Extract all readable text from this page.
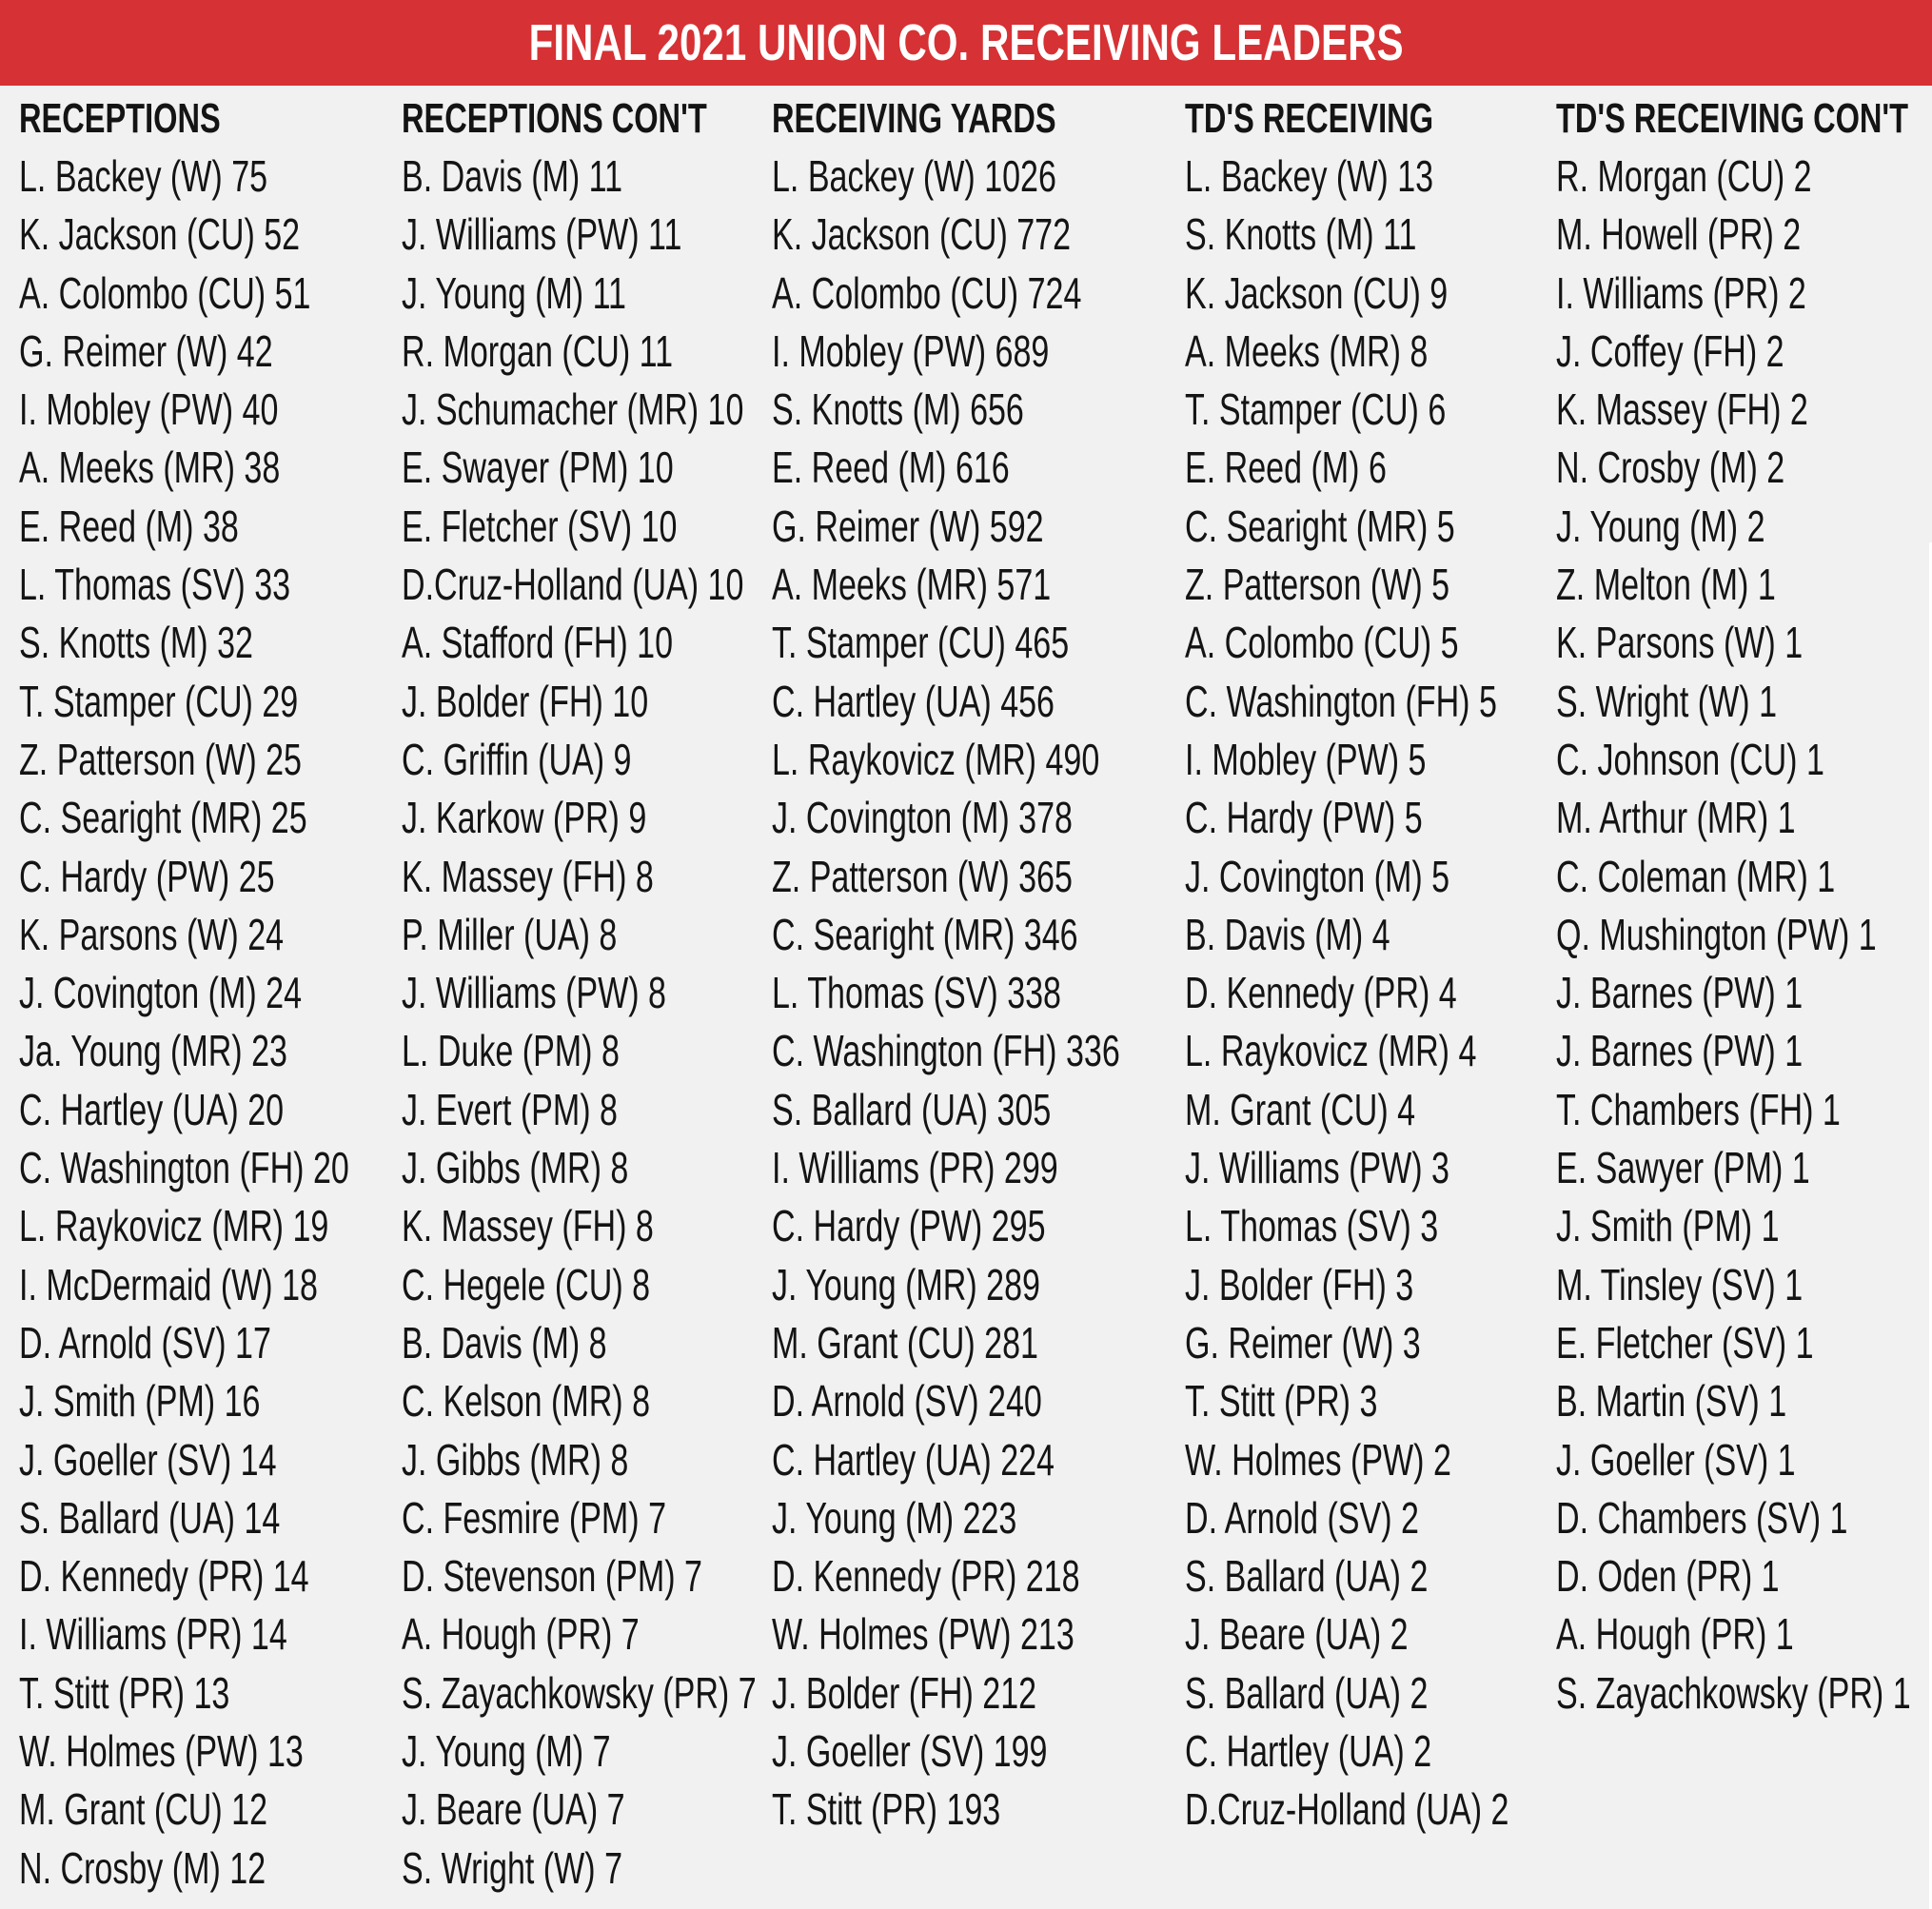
FINAL 2021 UNION CO. RECEIVING LEADERS
RECEPTIONS
L. Backey (W) 75
K. Jackson (CU) 52
A. Colombo (CU) 51
G. Reimer (W) 42
I. Mobley (PW) 40
A. Meeks (MR) 38
E. Reed (M) 38
L. Thomas (SV) 33
S. Knotts (M) 32
T. Stamper (CU) 29
Z. Patterson (W) 25
C. Searight (MR) 25
C. Hardy (PW) 25
K. Parsons (W) 24
J. Covington (M) 24
Ja. Young (MR) 23
C. Hartley (UA) 20
C. Washington (FH) 20
L. Raykovicz (MR) 19
I. McDermaid (W) 18
D. Arnold (SV) 17
J. Smith (PM) 16
J. Goeller (SV) 14
S. Ballard (UA) 14
D. Kennedy (PR) 14
I. Williams (PR) 14
T. Stitt (PR) 13
W. Holmes (PW) 13
M. Grant (CU) 12
N. Crosby (M) 12
RECEPTIONS CON'T
B. Davis (M) 11
J. Williams (PW) 11
J. Young (M) 11
R. Morgan (CU) 11
J. Schumacher (MR) 10
E. Swayer (PM) 10
E. Fletcher (SV) 10
D.Cruz-Holland (UA) 10
A. Stafford (FH) 10
J. Bolder (FH) 10
C. Griffin (UA) 9
J. Karkow (PR) 9
K. Massey (FH) 8
P. Miller (UA) 8
J. Williams (PW) 8
L. Duke (PM) 8
J. Evert (PM) 8
J. Gibbs (MR) 8
K. Massey (FH) 8
C. Hegele (CU) 8
B. Davis (M) 8
C. Kelson (MR) 8
J. Gibbs (MR) 8
C. Fesmire (PM) 7
D. Stevenson (PM) 7
A. Hough (PR) 7
S. Zayachkowsky (PR) 7
J. Young (M) 7
J. Beare (UA) 7
S. Wright (W) 7
RECEIVING YARDS
L. Backey (W) 1026
K. Jackson (CU) 772
A. Colombo (CU) 724
I. Mobley (PW) 689
S. Knotts (M) 656
E. Reed (M) 616
G. Reimer (W) 592
A. Meeks (MR) 571
T. Stamper (CU) 465
C. Hartley (UA) 456
L. Raykovicz (MR) 490
J. Covington (M) 378
Z. Patterson (W) 365
C. Searight (MR) 346
L. Thomas (SV) 338
C. Washington (FH) 336
S. Ballard (UA) 305
I. Williams (PR) 299
C. Hardy (PW) 295
J. Young (MR) 289
M. Grant (CU) 281
D. Arnold (SV) 240
C. Hartley (UA) 224
J. Young (M) 223
D. Kennedy (PR) 218
W. Holmes (PW) 213
J. Bolder (FH) 212
J. Goeller (SV) 199
T. Stitt (PR) 193
TD'S RECEIVING
L. Backey (W) 13
S. Knotts (M) 11
K. Jackson (CU) 9
A. Meeks (MR) 8
T. Stamper (CU) 6
E. Reed (M) 6
C. Searight (MR) 5
Z. Patterson (W) 5
A. Colombo (CU) 5
C. Washington (FH) 5
I. Mobley (PW) 5
C. Hardy (PW) 5
J. Covington (M) 5
B. Davis (M) 4
D. Kennedy (PR) 4
L. Raykovicz (MR) 4
M. Grant (CU) 4
J. Williams (PW) 3
L. Thomas (SV) 3
J. Bolder (FH) 3
G. Reimer (W) 3
T. Stitt (PR) 3
W. Holmes (PW) 2
D. Arnold (SV) 2
S. Ballard (UA) 2
J. Beare (UA) 2
S. Ballard (UA) 2
C. Hartley (UA) 2
D.Cruz-Holland (UA) 2
TD'S RECEIVING CON'T
R. Morgan (CU) 2
M. Howell (PR) 2
I. Williams (PR) 2
J. Coffey (FH) 2
K. Massey (FH) 2
N. Crosby (M) 2
J. Young (M) 2
Z. Melton (M) 1
K. Parsons (W) 1
S. Wright (W) 1
C. Johnson (CU) 1
M. Arthur (MR) 1
C. Coleman (MR) 1
Q. Mushington (PW) 1
J. Barnes (PW) 1
J. Barnes (PW) 1
T. Chambers (FH) 1
E. Sawyer (PM) 1
J. Smith (PM) 1
M. Tinsley (SV) 1
E. Fletcher (SV) 1
B. Martin (SV) 1
J. Goeller (SV) 1
D. Chambers (SV) 1
D. Oden (PR) 1
A. Hough (PR) 1
S. Zayachkowsky (PR) 1
